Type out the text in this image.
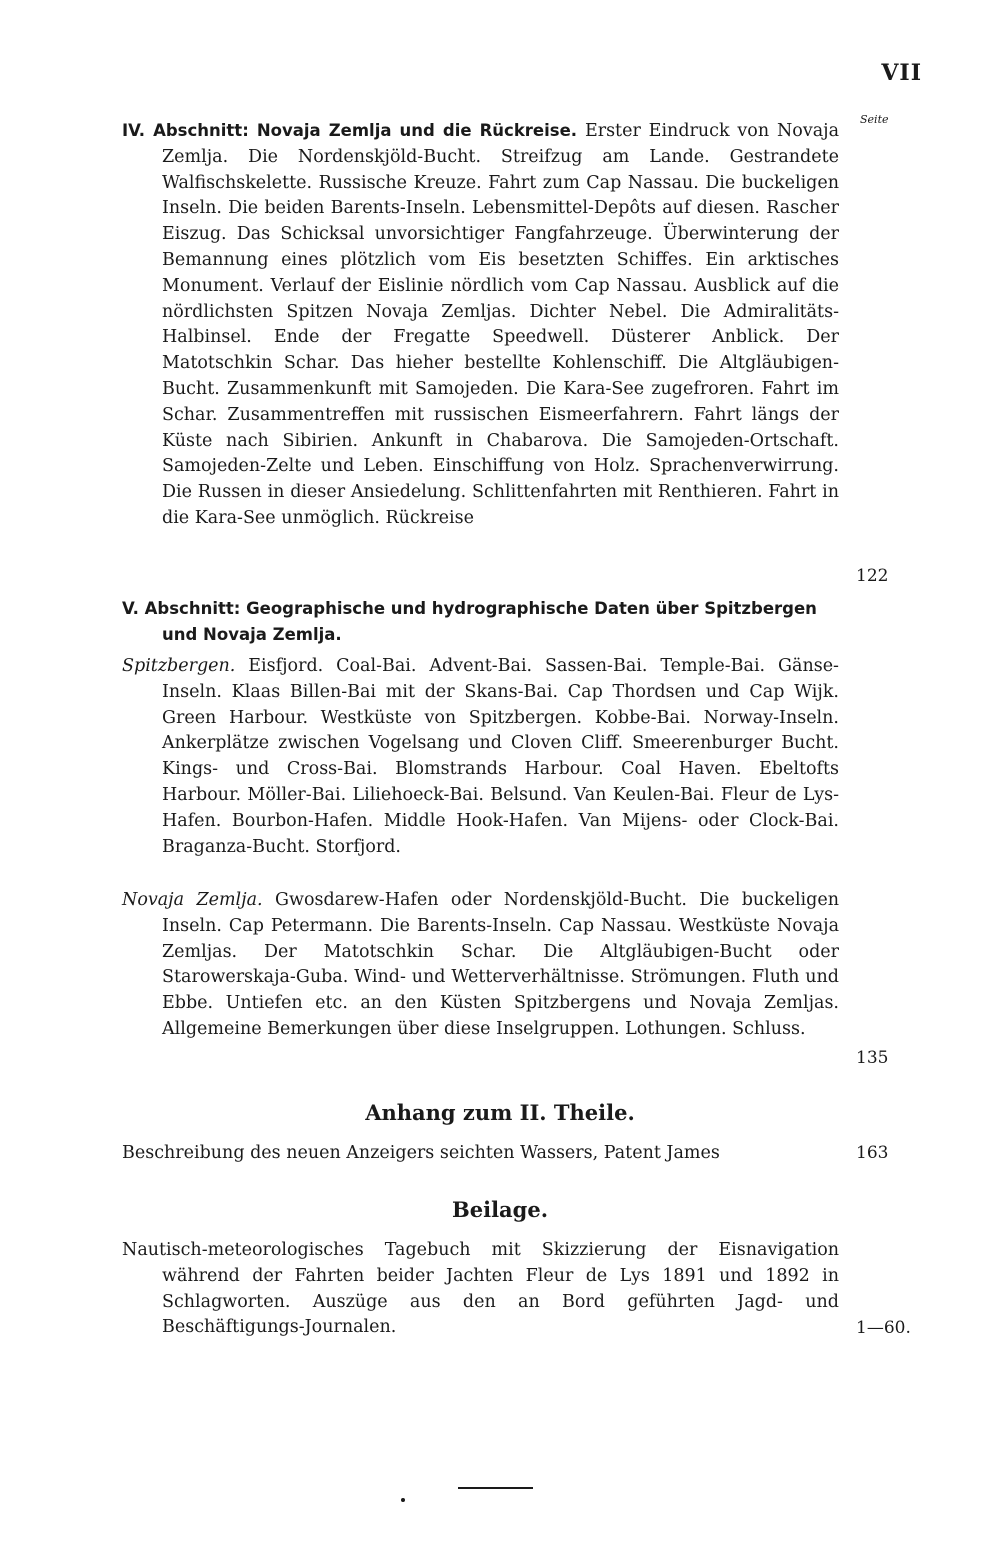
VII
Seite
IV. Abschnitt: Novaja Zemlja und die Rückreise. Erster Eindruck von Novaja Zemlja. Die Nordenskjöld-Bucht. Streifzug am Lande. Gestrandete Walfischskelette. Russische Kreuze. Fahrt zum Cap Nassau. Die buckeligen Inseln. Die beiden Barents-Inseln. Lebensmittel-Depôts auf diesen. Rascher Eiszug. Das Schicksal unvorsichtiger Fangfahrzeuge. Überwinterung der Bemannung eines plötzlich vom Eis besetzten Schiffes. Ein arktisches Monument. Verlauf der Eislinie nördlich vom Cap Nassau. Ausblick auf die nördlichsten Spitzen Novaja Zemljas. Dichter Nebel. Die Admiralitäts-Halbinsel. Ende der Fregatte Speedwell. Düsterer Anblick. Der Matotschkin Schar. Das hieher bestellte Kohlenschiff. Die Altgläubigen-Bucht. Zusammenkunft mit Samojeden. Die Kara-See zugefroren. Fahrt im Schar. Zusammentreffen mit russischen Eismeerfahrern. Fahrt längs der Küste nach Sibirien. Ankunft in Chabarova. Die Samojeden-Ortschaft. Samojeden-Zelte und Leben. Einschiffung von Holz. Sprachenverwirrung. Die Russen in dieser Ansiedelung. Schlittenfahrten mit Renthieren. Fahrt in die Kara-See unmöglich. Rückreise
122
V. Abschnitt: Geographische und hydrographische Daten über Spitzbergen und Novaja Zemlja.
Spitzbergen. Eisfjord. Coal-Bai. Advent-Bai. Sassen-Bai. Temple-Bai. Gänse-Inseln. Klaas Billen-Bai mit der Skans-Bai. Cap Thordsen und Cap Wijk. Green Harbour. Westküste von Spitzbergen. Kobbe-Bai. Norway-Inseln. Ankerplätze zwischen Vogelsang und Cloven Cliff. Smeerenburger Bucht. Kings- und Cross-Bai. Blomstrands Harbour. Coal Haven. Ebeltofts Harbour. Möller-Bai. Liliehoeck-Bai. Belsund. Van Keulen-Bai. Fleur de Lys-Hafen. Bourbon-Hafen. Middle Hook-Hafen. Van Mijens- oder Clock-Bai. Braganza-Bucht. Storfjord.
Novaja Zemlja. Gwosdarew-Hafen oder Nordenskjöld-Bucht. Die buckeligen Inseln. Cap Petermann. Die Barents-Inseln. Cap Nassau. Westküste Novaja Zemljas. Der Matotschkin Schar. Die Altgläubigen-Bucht oder Starowerskaja-Guba. Wind- und Wetterverhältnisse. Strömungen. Fluth und Ebbe. Untiefen etc. an den Küsten Spitzbergens und Novaja Zemljas. Allgemeine Bemerkungen über diese Inselgruppen. Lothungen. Schluss.
135
Anhang zum II. Theile.
Beschreibung des neuen Anzeigers seichten Wassers, Patent James	163
Beilage.
Nautisch-meteorologisches Tagebuch mit Skizzierung der Eisnavigation während der Fahrten beider Jachten Fleur de Lys 1891 und 1892 in Schlagworten. Auszüge aus den an Bord geführten Jagd- und Beschäftigungs-Journalen.	1—60.
